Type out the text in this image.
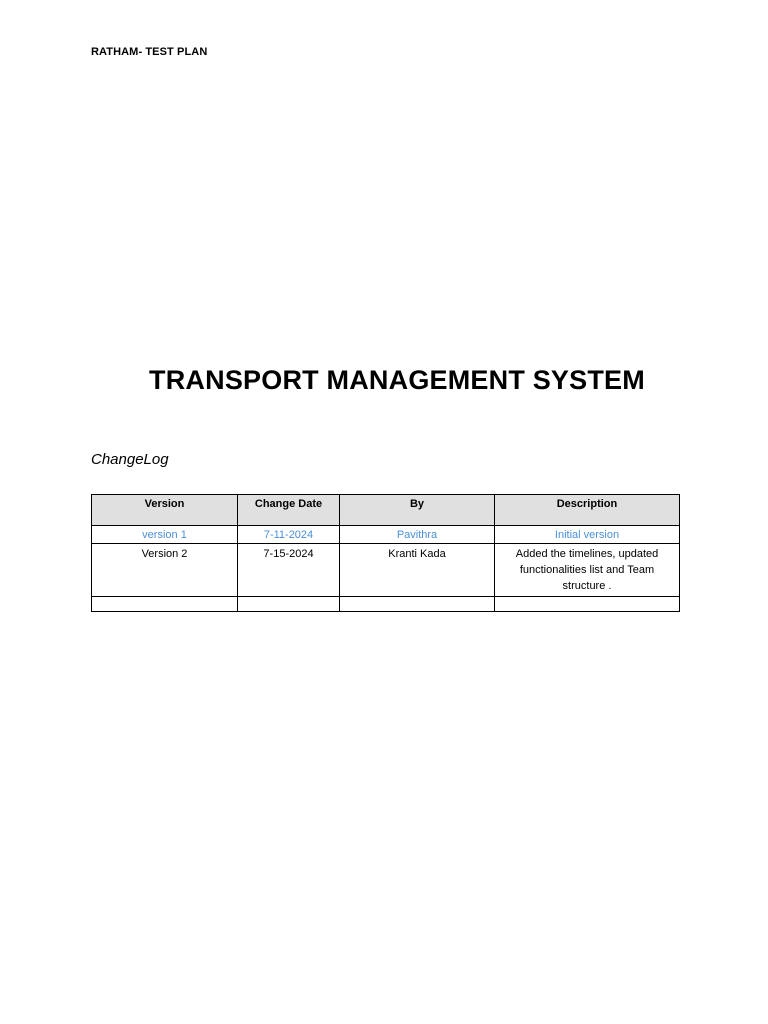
RATHAM- TEST PLAN
TRANSPORT MANAGEMENT SYSTEM
ChangeLog
Version	Change Date	By	Description
version 1	7-11-2024	Pavithra	Initial version
Version 2	7-15-2024	Kranti Kada	Added the timelines, updated functionalities list and Team structure .
